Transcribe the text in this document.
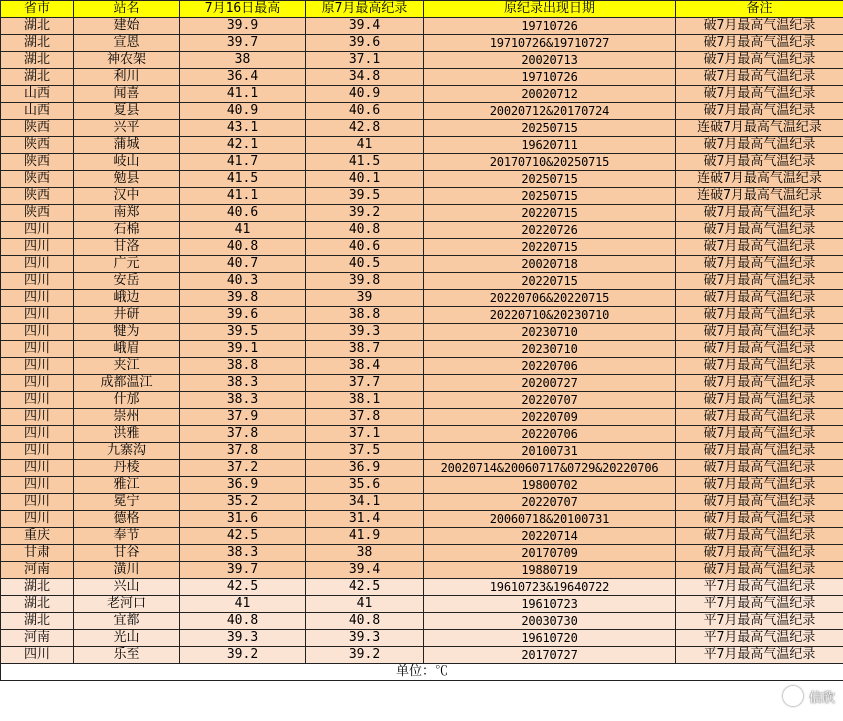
省市	站名	7月16日最高	原7月最高纪录	原纪录出现日期	备注
湖北	建始	39.9	39.4	19710726	破7月最高气温纪录
湖北	宣恩	39.7	39.6	19710726&19710727	破7月最高气温纪录
湖北	神农架	38	37.1	20020713	破7月最高气温纪录
湖北	利川	36.4	34.8	19710726	破7月最高气温纪录
山西	闻喜	41.1	40.9	20020712	破7月最高气温纪录
山西	夏县	40.9	40.6	20020712&20170724	破7月最高气温纪录
陕西	兴平	43.1	42.8	20250715	连破7月最高气温纪录
陕西	蒲城	42.1	41	19620711	破7月最高气温纪录
陕西	岐山	41.7	41.5	20170710&20250715	破7月最高气温纪录
陕西	勉县	41.5	40.1	20250715	连破7月最高气温纪录
陕西	汉中	41.1	39.5	20250715	连破7月最高气温纪录
陕西	南郑	40.6	39.2	20220715	破7月最高气温纪录
四川	石棉	41	40.8	20220726	破7月最高气温纪录
四川	甘洛	40.8	40.6	20220715	破7月最高气温纪录
四川	广元	40.7	40.5	20020718	破7月最高气温纪录
四川	安岳	40.3	39.8	20220715	破7月最高气温纪录
四川	峨边	39.8	39	20220706&20220715	破7月最高气温纪录
四川	井研	39.6	38.8	20220710&20230710	破7月最高气温纪录
四川	犍为	39.5	39.3	20230710	破7月最高气温纪录
四川	峨眉	39.1	38.7	20230710	破7月最高气温纪录
四川	夹江	38.8	38.4	20220706	破7月最高气温纪录
四川	成都温江	38.3	37.7	20200727	破7月最高气温纪录
四川	什邡	38.3	38.1	20220707	破7月最高气温纪录
四川	崇州	37.9	37.8	20220709	破7月最高气温纪录
四川	洪雅	37.8	37.1	20220706	破7月最高气温纪录
四川	九寨沟	37.8	37.5	20100731	破7月最高气温纪录
四川	丹棱	37.2	36.9	20020714&20060717&0729&20220706	破7月最高气温纪录
四川	雅江	36.9	35.6	19800702	破7月最高气温纪录
四川	冕宁	35.2	34.1	20220707	破7月最高气温纪录
四川	德格	31.6	31.4	20060718&20100731	破7月最高气温纪录
重庆	奉节	42.5	41.9	20220714	破7月最高气温纪录
甘肃	甘谷	38.3	38	20170709	破7月最高气温纪录
河南	潢川	39.7	39.4	19880719	破7月最高气温纪录
湖北	兴山	42.5	42.5	19610723&19640722	平7月最高气温纪录
湖北	老河口	41	41	19610723	平7月最高气温纪录
湖北	宜都	40.8	40.8	20030730	平7月最高气温纪录
河南	光山	39.3	39.3	19610720	平7月最高气温纪录
四川	乐至	39.2	39.2	20170727	平7月最高气温纪录
单位：℃					
信欣
